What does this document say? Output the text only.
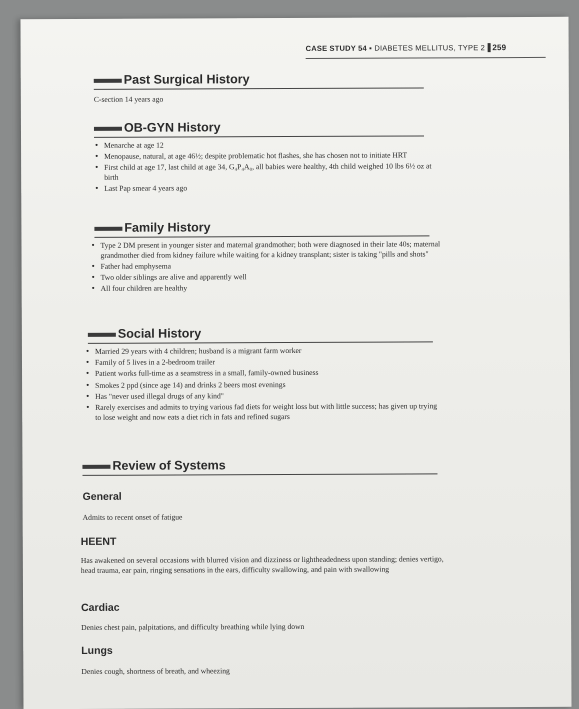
CASE STUDY 54 ▪ DIABETES MELLITUS, TYPE 2 259
Past Surgical History
C-section 14 years ago
OB-GYN History
• Menarche at age 12
• Menopause, natural, at age 46½; despite problematic hot flashes, she has chosen not to initiate HRT
• First child at age 17, last child at age 34, G₄P₄A₀, all babies were healthy, 4th child weighed 10 lbs 6½ oz at birth
• Last Pap smear 4 years ago
Family History
• Type 2 DM present in younger sister and maternal grandmother; both were diagnosed in their late 40s; maternal grandmother died from kidney failure while waiting for a kidney transplant; sister is taking "pills and shots"
• Father had emphysema
• Two older siblings are alive and apparently well
• All four children are healthy
Social History
• Married 29 years with 4 children; husband is a migrant farm worker
• Family of 5 lives in a 2-bedroom trailer
• Patient works full-time as a seamstress in a small, family-owned business
• Smokes 2 ppd (since age 14) and drinks 2 beers most evenings
• Has "never used illegal drugs of any kind"
• Rarely exercises and admits to trying various fad diets for weight loss but with little success; has given up trying to lose weight and now eats a diet rich in fats and refined sugars
Review of Systems
General
Admits to recent onset of fatigue
HEENT
Has awakened on several occasions with blurred vision and dizziness or lightheadedness upon standing; denies vertigo, head trauma, ear pain, ringing sensations in the ears, difficulty swallowing, and pain with swallowing
Cardiac
Denies chest pain, palpitations, and difficulty breathing while lying down
Lungs
Denies cough, shortness of breath, and wheezing
